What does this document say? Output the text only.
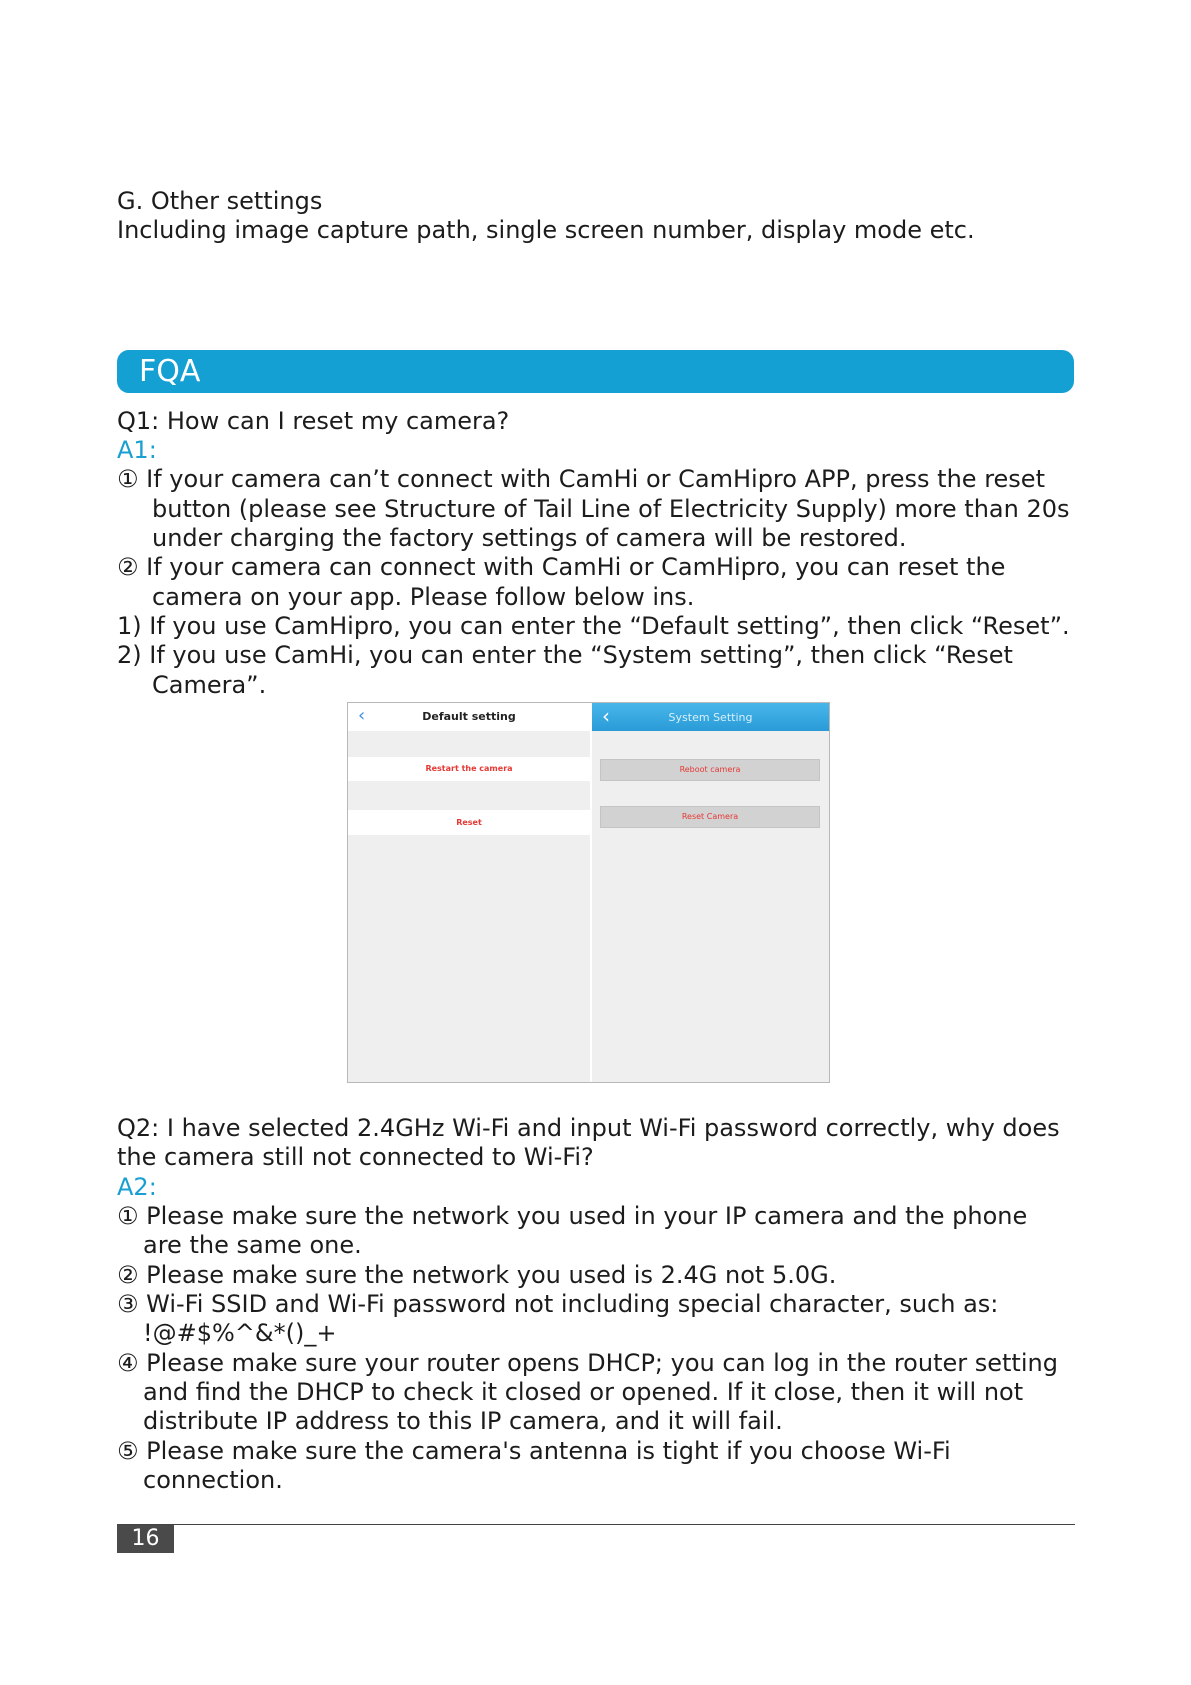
G. Other settings
Including image capture path, single screen number, display mode etc.
FQA
Q1: How can I reset my camera?
A1:
① If your camera can’t connect with CamHi or CamHipro APP, press the reset
button (please see Structure of Tail Line of Electricity Supply) more than 20s
under charging the factory settings of camera will be restored.
② If your camera can connect with CamHi or CamHipro, you can reset the
camera on your app. Please follow below ins.
1) If you use CamHipro, you can enter the “Default setting”, then click “Reset”.
2) If you use CamHi, you can enter the “System setting”, then click “Reset
Camera”.
‹	Default setting
Restart the camera
Reset
‹	System Setting
Reboot camera
Reset Camera
Q2: I have selected 2.4GHz Wi-Fi and input Wi-Fi password correctly, why does
the camera still not connected to Wi-Fi?
A2:
① Please make sure the network you used in your IP camera and the phone
are the same one.
② Please make sure the network you used is 2.4G not 5.0G.
③ Wi-Fi SSID and Wi-Fi password not including special character, such as:
!@#$%^&*()_+
④ Please make sure your router opens DHCP; you can log in the router setting
and find the DHCP to check it closed or opened. If it close, then it will not
distribute IP address to this IP camera, and it will fail.
⑤ Please make sure the camera's antenna is tight if you choose Wi-Fi
connection.
16
